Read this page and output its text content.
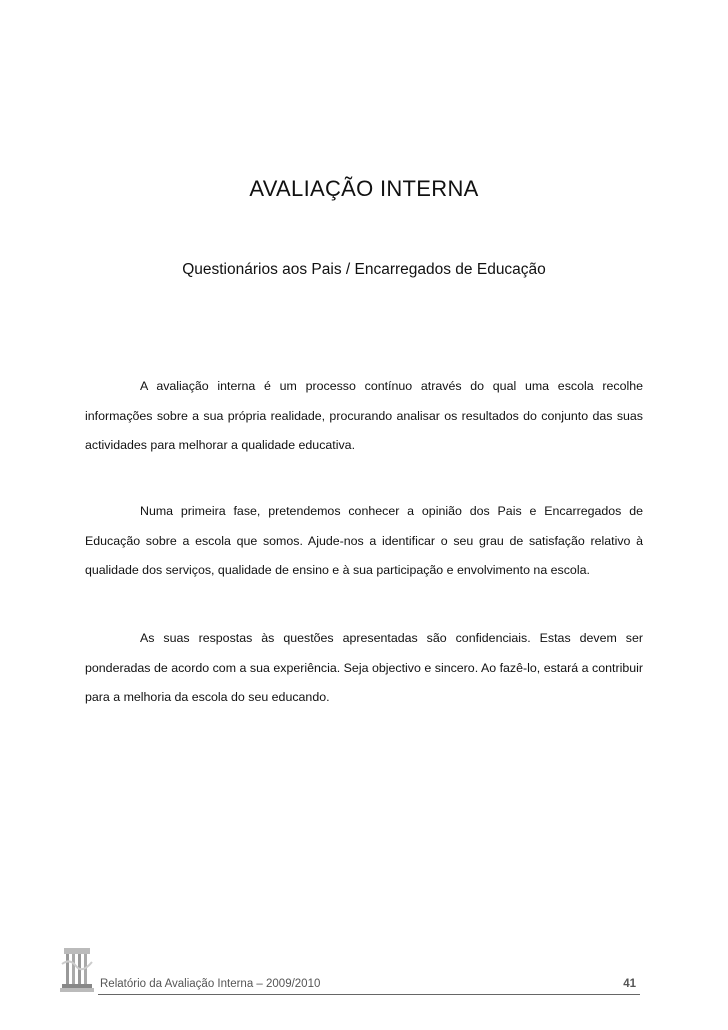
AVALIAÇÃO INTERNA
Questionários aos Pais / Encarregados de Educação

A avaliação interna é um processo contínuo através do qual uma escola recolhe informações sobre a sua própria realidade, procurando analisar os resultados do conjunto das suas actividades para melhorar a qualidade educativa.

Numa primeira fase, pretendemos conhecer a opinião dos Pais e Encarregados de Educação sobre a escola que somos. Ajude-nos a identificar o seu grau de satisfação relativo à qualidade dos serviços, qualidade de ensino e à sua participação e envolvimento na escola.

As suas respostas às questões apresentadas são confidenciais. Estas devem ser ponderadas de acordo com a sua experiência. Seja objectivo e sincero. Ao fazê-lo, estará a contribuir para a melhoria da escola do seu educando.

Relatório da Avaliação Interna – 2009/2010	41
